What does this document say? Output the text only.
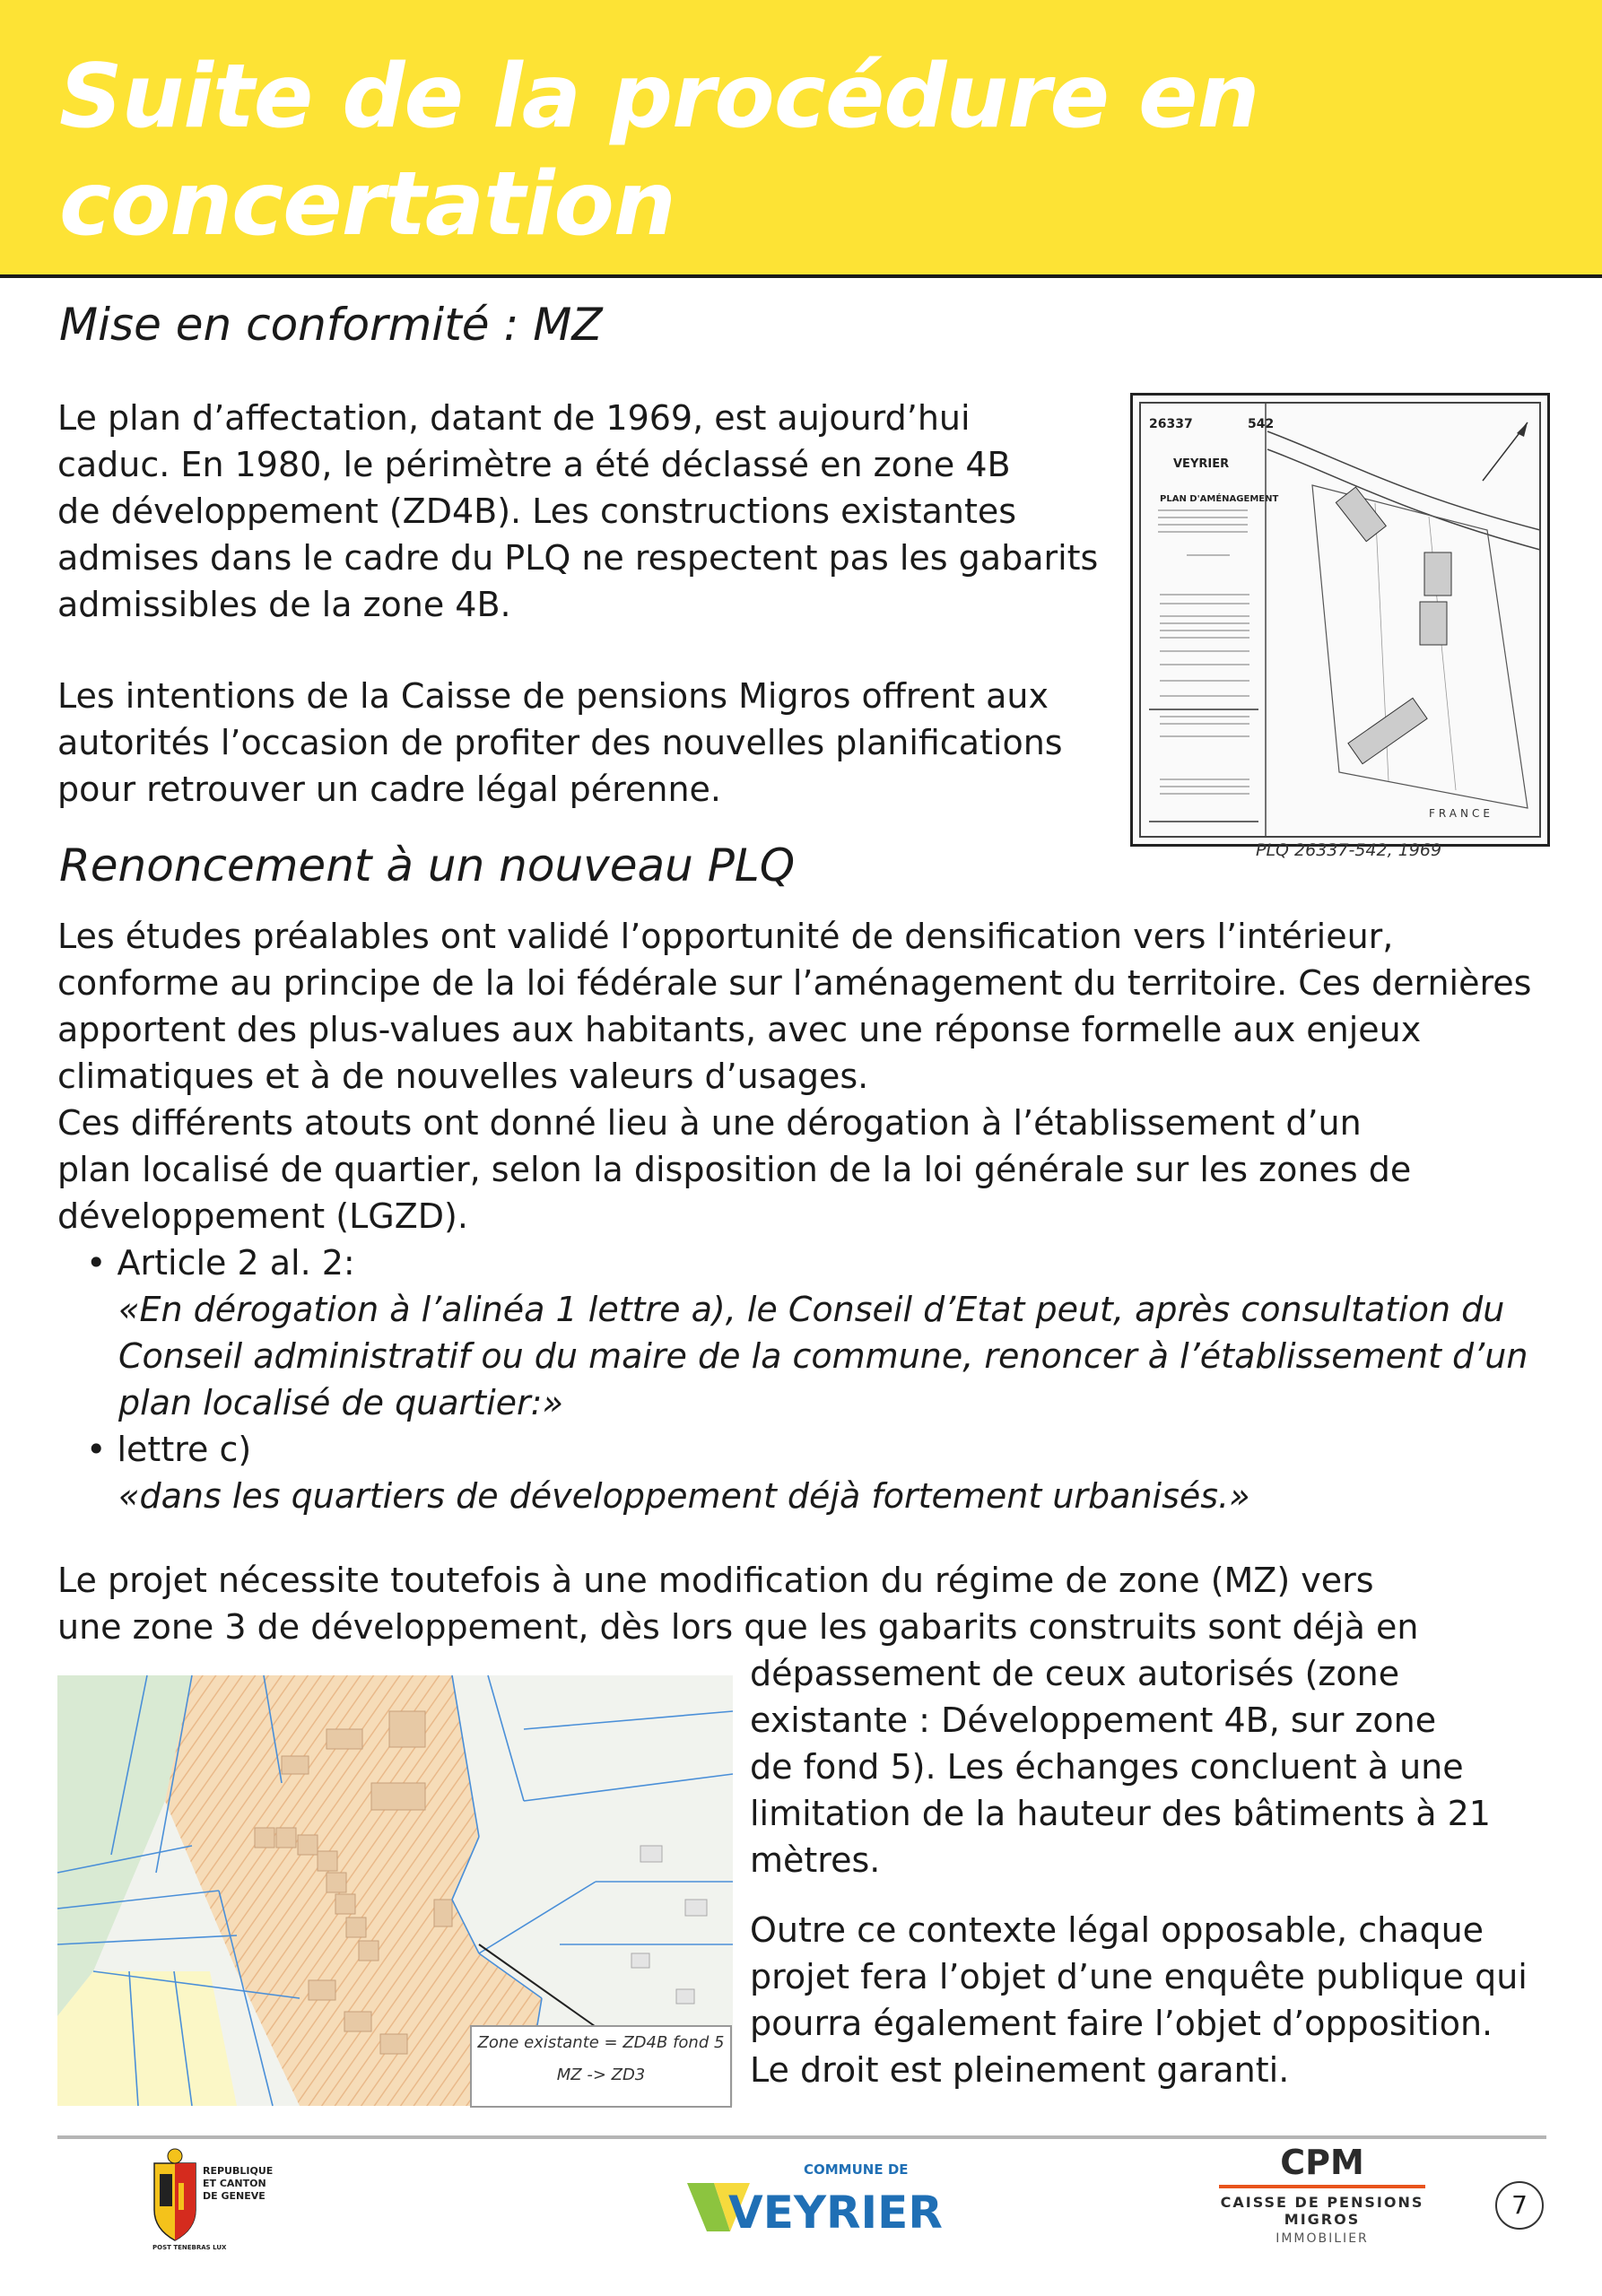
Suite de la procédure en concertation
Mise en conformité : MZ

Le plan d’affectation, datant de 1969, est aujourd’hui

caduc. En 1980, le périmètre a été déclassé en zone 4B

de développement (ZD4B). Les constructions existantes

admises dans le cadre du PLQ ne respectent pas les gabarits

admissibles de la zone 4B.

Les intentions de la Caisse de pensions Migros offrent aux

autorités l’occasion de profiter des nouvelles planifications

pour retrouver un cadre légal pérenne.

26337	542
VEYRIER
PLAN D'AMÉNAGEMENT
FRANCE
PLQ 26337-542, 1969
Renoncement à un nouveau PLQ

Les études préalables ont validé l’opportunité de densification vers l’intérieur,

conforme au principe de la loi fédérale sur l’aménagement du territoire. Ces dernières

apportent des plus-values aux habitants, avec une réponse formelle aux enjeux

climatiques et à de nouvelles valeurs d’usages.

Ces différents atouts ont donné lieu à une dérogation à l’établissement d’un

plan localisé de quartier, selon la disposition de la loi générale sur les zones de

développement (LGZD).

• Article 2 al. 2:

«En dérogation à l’alinéa 1 lettre a), le Conseil d’Etat peut, après consultation du

Conseil administratif ou du maire de la commune, renoncer à l’établissement d’un

plan localisé de quartier:»

• lettre c)
«dans les quartiers de développement déjà fortement urbanisés.»

Le projet nécessite toutefois à une modification du régime de zone (MZ) vers

une zone 3 de développement, dès lors que les gabarits construits sont déjà en

dépassement de ceux autorisés (zone

existante : Développement 4B, sur zone

de fond 5). Les échanges concluent à une

limitation de la hauteur des bâtiments à 21

mètres.

Outre ce contexte légal opposable, chaque

projet fera l’objet d’une enquête publique qui

pourra également faire l’objet d’opposition.

Le droit est pleinement garanti.

Zone existante = ZD4B fond 5
MZ -> ZD3
REPUBLIQUE
ET CANTON
DE GENEVE
POST TENEBRAS LUX
COMMUNE DE
VEYRIER
CPM
CAISSE DE PENSIONS MIGROS
IMMOBILIER
7
